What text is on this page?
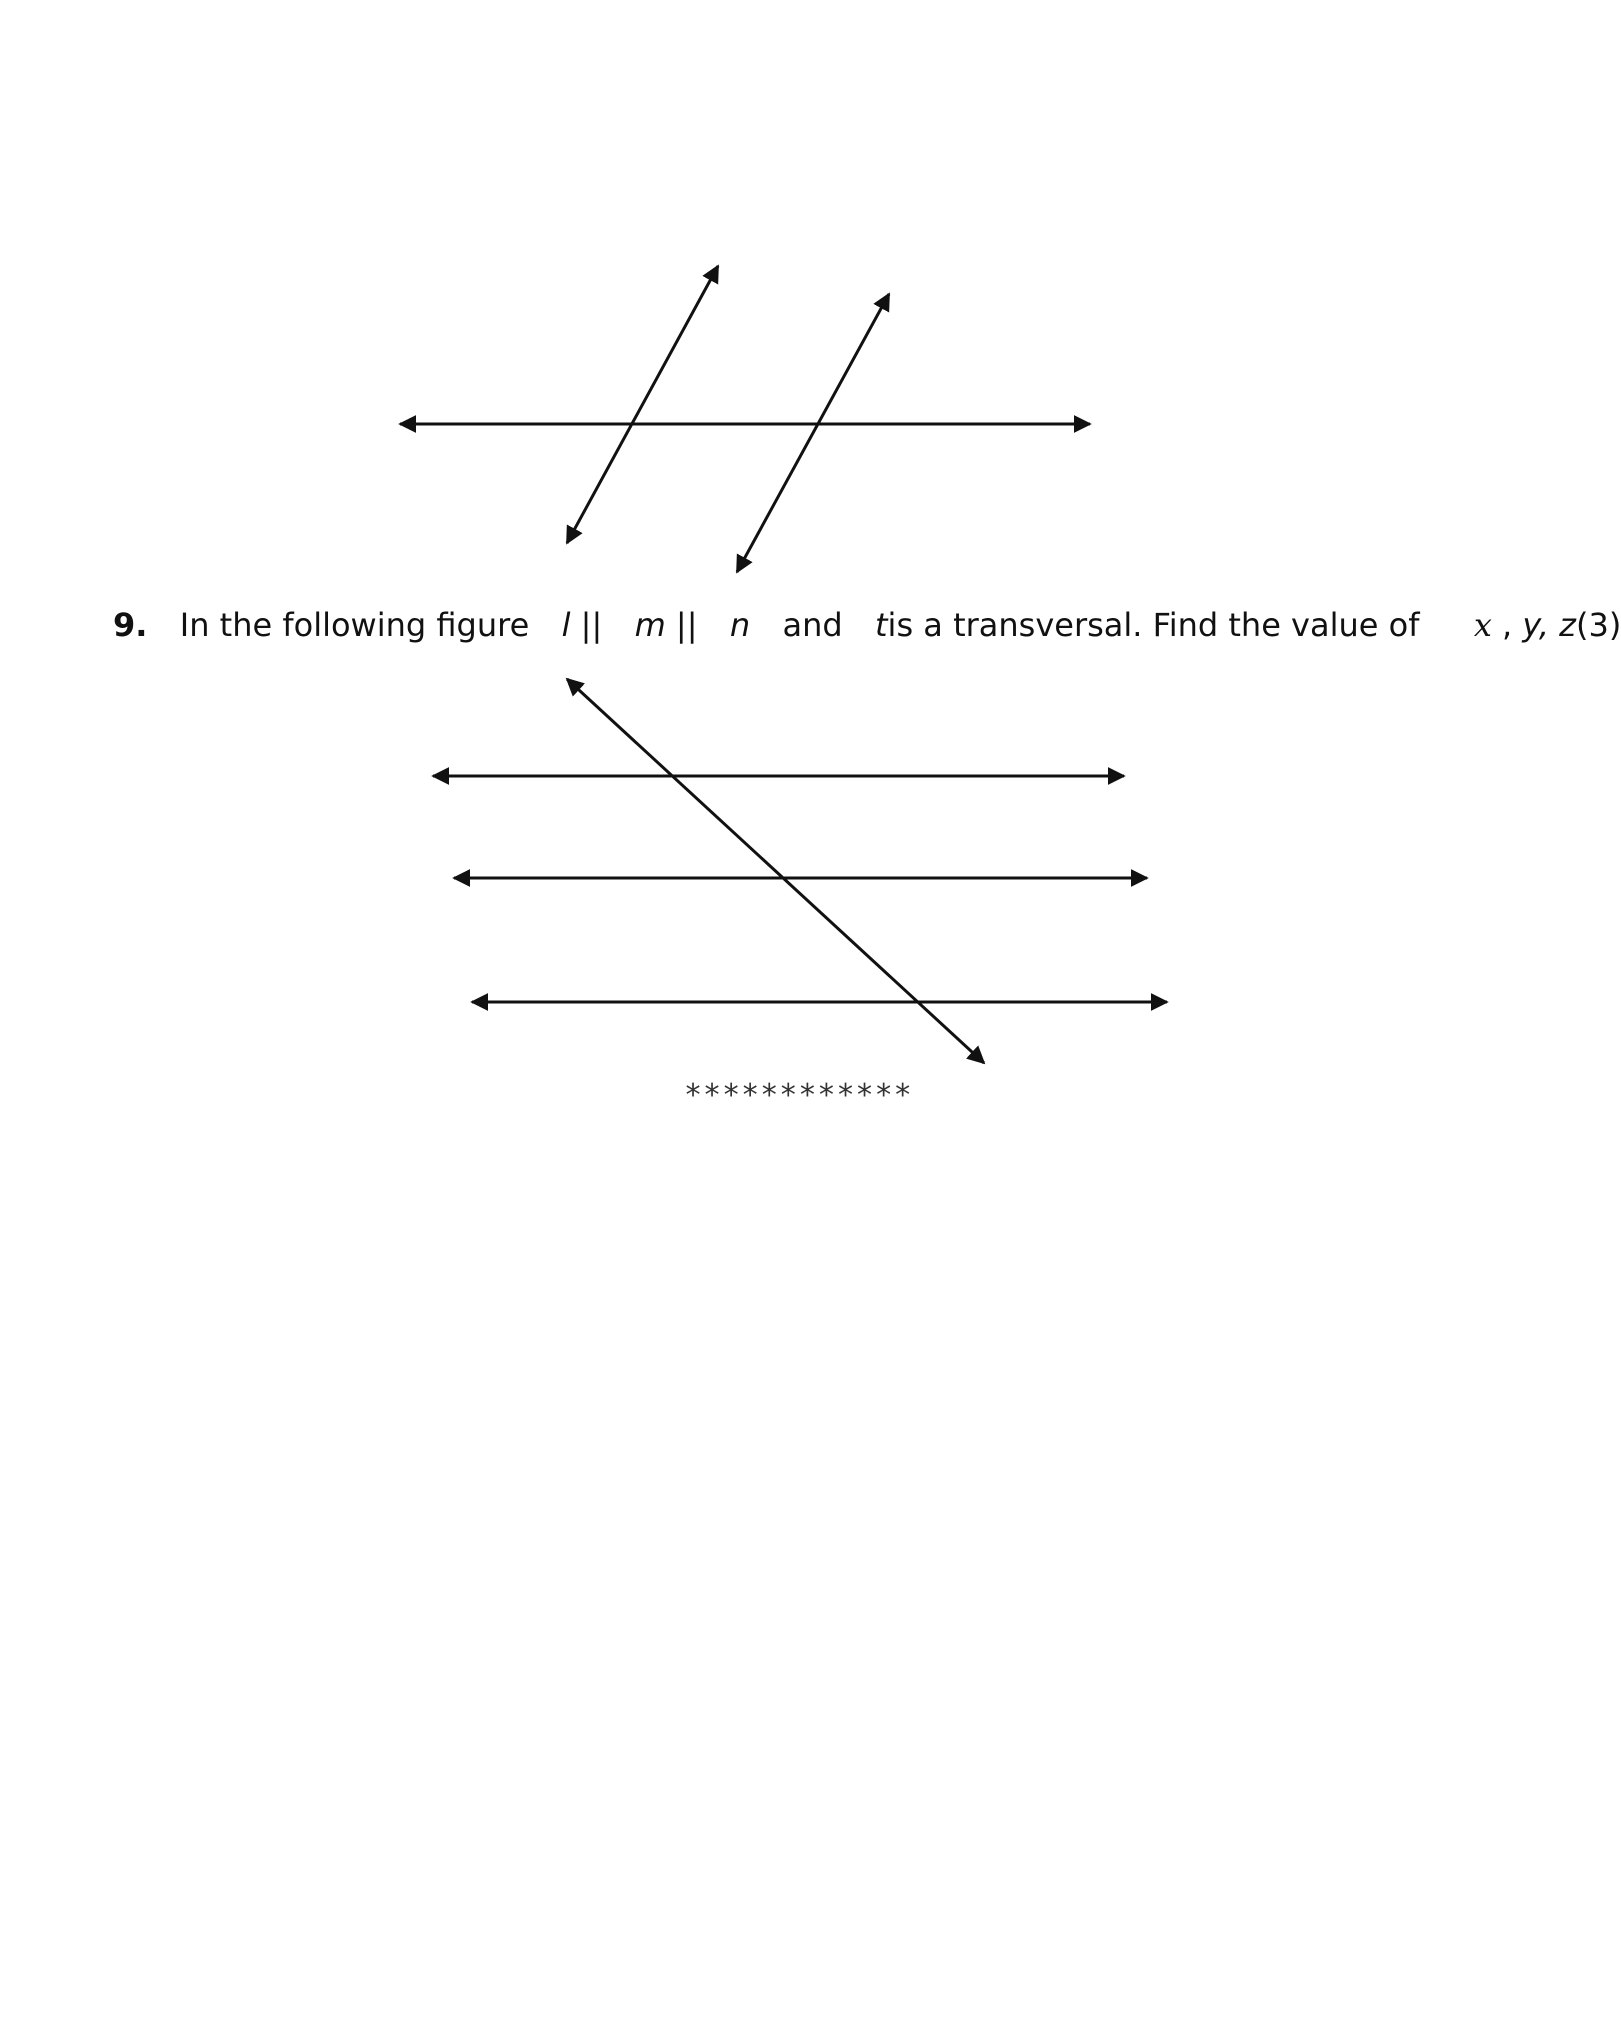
9. In the following figure l || m || n and tis a transversal. Find the value of x , y, z(3)
************
